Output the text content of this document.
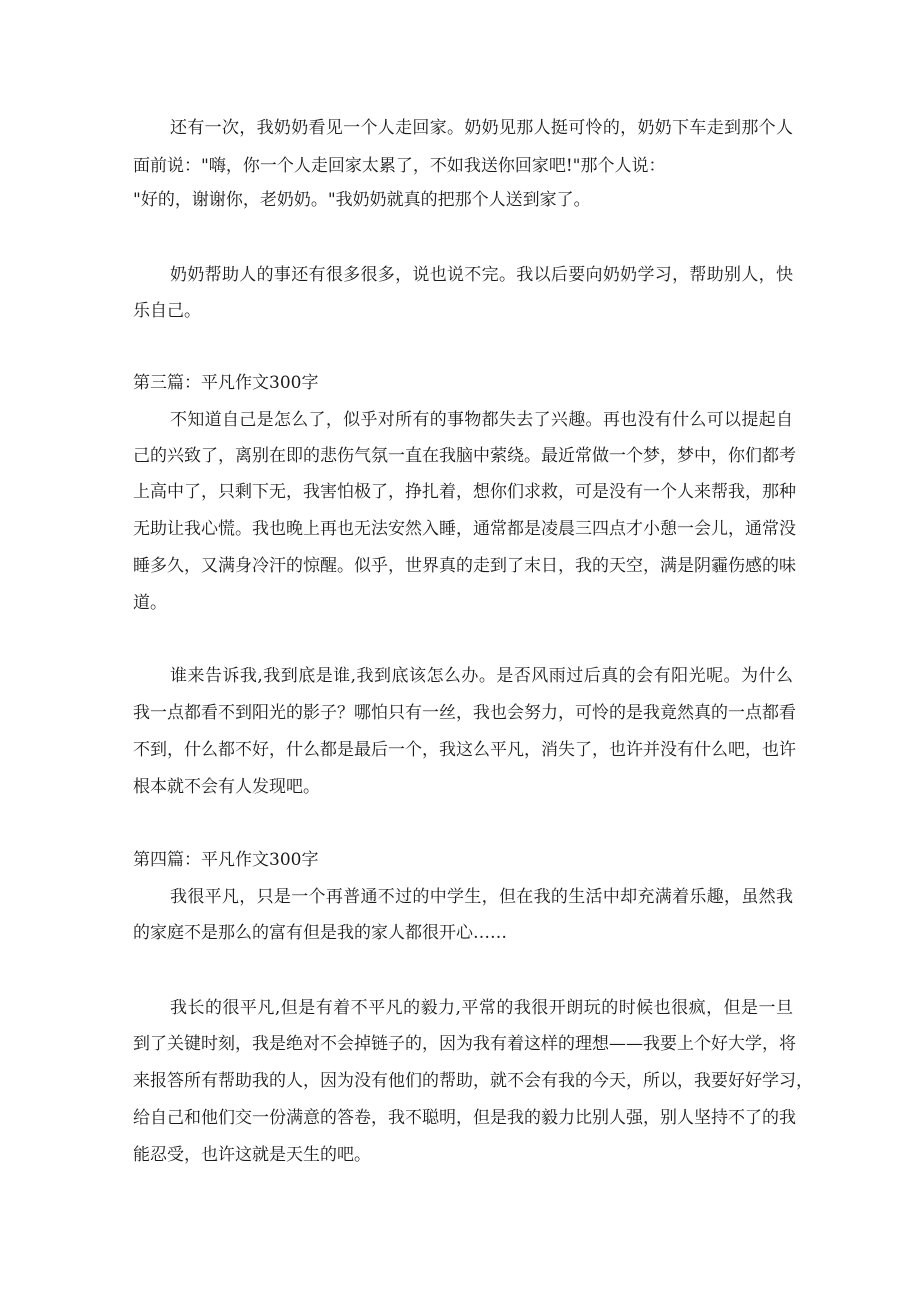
还有一次，我奶奶看见一个人走回家。奶奶见那人挺可怜的，奶奶下车走到那个人
面前说："嗨，你一个人走回家太累了，不如我送你回家吧!"那个人说：
"好的，谢谢你，老奶奶。"我奶奶就真的把那个人送到家了。
奶奶帮助人的事还有很多很多，说也说不完。我以后要向奶奶学习，帮助别人，快
乐自己。
第三篇：平凡作文300字
不知道自己是怎么了，似乎对所有的事物都失去了兴趣。再也没有什么可以提起自
己的兴致了，离别在即的悲伤气氛一直在我脑中萦绕。最近常做一个梦，梦中，你们都考
上高中了，只剩下无，我害怕极了，挣扎着，想你们求救，可是没有一个人来帮我，那种
无助让我心慌。我也晚上再也无法安然入睡，通常都是凌晨三四点才小憩一会儿，通常没
睡多久，又满身冷汗的惊醒。似乎，世界真的走到了末日，我的天空，满是阴霾伤感的味
道。
谁来告诉我,我到底是谁,我到底该怎么办。是否风雨过后真的会有阳光呢。为什么
我一点都看不到阳光的影子？哪怕只有一丝，我也会努力，可怜的是我竟然真的一点都看
不到，什么都不好，什么都是最后一个，我这么平凡，消失了，也许并没有什么吧，也许
根本就不会有人发现吧。
第四篇：平凡作文300字
我很平凡，只是一个再普通不过的中学生，但在我的生活中却充满着乐趣，虽然我
的家庭不是那么的富有但是我的家人都很开心……
我长的很平凡,但是有着不平凡的毅力,平常的我很开朗玩的时候也很疯，但是一旦
到了关键时刻，我是绝对不会掉链子的，因为我有着这样的理想——我要上个好大学，将
来报答所有帮助我的人，因为没有他们的帮助，就不会有我的今天，所以，我要好好学习，
给自己和他们交一份满意的答卷，我不聪明，但是我的毅力比别人强，别人坚持不了的我
能忍受，也许这就是天生的吧。
